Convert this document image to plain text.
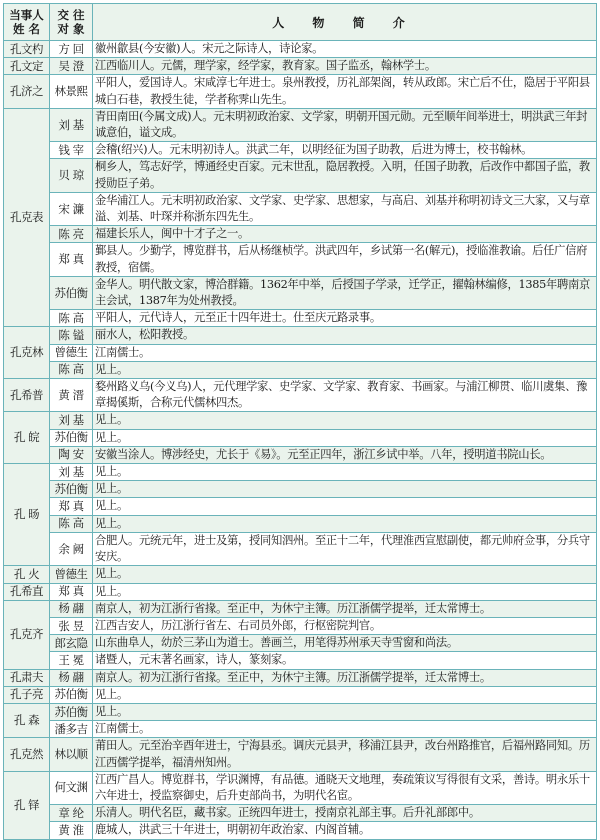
当事人
姓 名	交 往
对 象	人 物 简 介

孔文杓	方 回	徽州歙县(今安徽)人。宋元之际诗人，诗论家。
孔文定	吴 澄	江西临川人。元儒，理学家，经学家，教育家。国子监丞，翰林学士。
孔济之	林景熙	平阳人，爱国诗人。宋咸淳七年进士。泉州教授，历礼部架阁，转从政郎。宋亡后不仕，隐居于平阳县城白石巷，教授生徒，学者称霁山先生。
孔克表	刘 基	青田南田(今属文成)人。元末明初政治家、文学家，明朝开国元勋。元至顺年间举进士，明洪武三年封诚意伯，谥文成。
	钱 宰	会稽(绍兴)人。元末明初诗人。洪武二年，以明经征为国子助教，后进为博士，校书翰林。
	贝 琼	桐乡人，笃志好学，博通经史百家。元末世乱，隐居教授。入明，任国子助教，后改作中都国子监，教授勋臣子弟。
	宋 濂	金华浦江人。元末明初政治家、文学家、史学家、思想家，与高启、刘基并称明初诗文三大家，又与章溢、刘基、叶琛并称浙东四先生。
	陈 亮	福建长乐人，闽中十才子之一。
	郑 真	鄞县人。少勤学，博览群书，后从杨继桢学。洪武四年，乡试第一名(解元)，授临淮教谕。后任广信府教授，宿儒。
	苏伯衡	金华人。明代散文家，博洽群籍。1362年中举，后授国子学录，迁学正，擢翰林编修，1385年聘南京主会试，1387年为处州教授。
	陈 高	平阳人，元代诗人，元至正十四年进士。仕至庆元路录事。
孔克林	陈 镒	丽水人，松阳教授。
	曾德生	江南儒士。
	陈 高	见上。
孔希普	黄 溍	婺州路义乌(今义乌)人，元代理学家、史学家、文学家、教育家、书画家。与浦江柳贯、临川虞集、豫章揭傒斯，合称元代儒林四杰。
孔 皖	刘 基	见上。
	苏伯衡	见上。
	陶 安	安徽当涂人。博涉经史，尤长于《易》。元至正四年，浙江乡试中举。八年，授明道书院山长。
孔 旸	刘 基	见上。
	苏伯衡	见上。
	郑 真	见上。
	陈 高	见上。
	余 阙	合肥人。元统元年，进士及第，授同知泗州。至正十二年，代理淮西宣慰副使，都元帅府佥事，分兵守安庆。
孔 火	曾德生	见上。
孔希直	郑 真	见上。
孔克齐	杨 翮	南京人，初为江浙行省掾。至正中，为休宁主簿。历江浙儒学提举，迁太常博士。
	张 昱	江西吉安人，历江浙行省左、右司员外郎，行枢密院判官。
	郎玄隐	山东曲阜人，幼於三茅山为道士。善画兰，用笔得苏州承天寺雪窗和尚法。
	王 冕	诸暨人，元末著名画家，诗人，篆刻家。
孔肃夫	杨 翮	南京人。初为江浙行省掾。至正中，为休宁主簿。历江浙儒学提举，迁太常博士。
孔子亮	苏伯衡	见上。
孔 森	苏伯衡	见上。
	潘多吉	江南儒士。
孔克然	林以顺	莆田人。元至治辛酉年进士，宁海县丞。调庆元县尹，移浦江县尹，改台州路推官，后福州路同知。历江西儒学提举，福清州知州。
孔 铎	何文渊	江西广昌人。博览群书，学识渊博，有品德。通晓天文地理，奏疏策议写得很有文采，善诗。明永乐十六年进士，授监察御史，后升吏部尚书，为明代名宦。
	章 纶	乐清人。明代名臣，藏书家。正统四年进士，授南京礼部主事。后升礼部郎中。
	黄 淮	鹿城人，洪武三十年进士，明朝初年政治家、内阁首辅。
